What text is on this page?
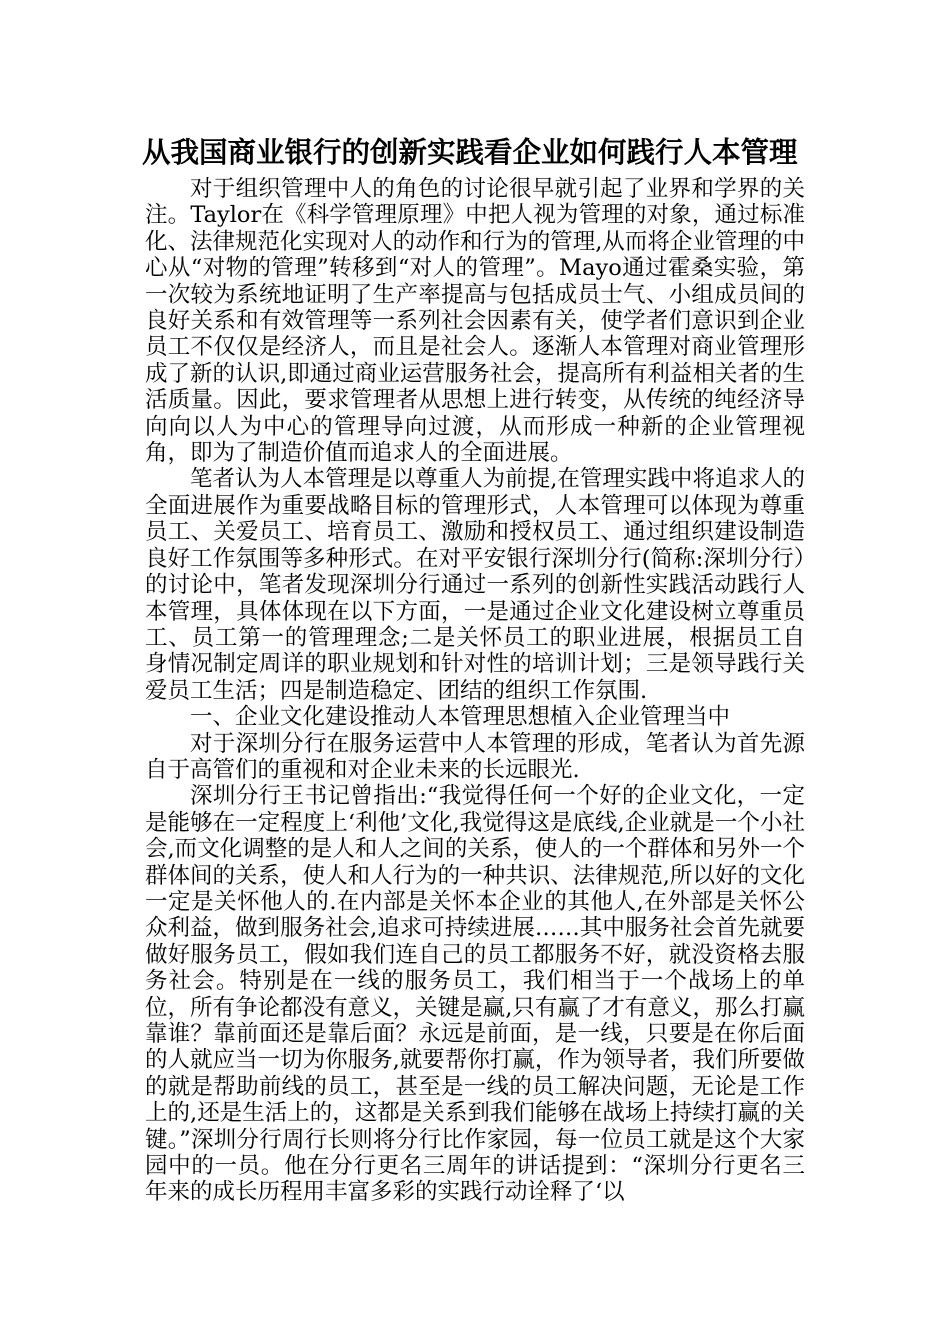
从我国商业银行的创新实践看企业如何践行人本管理

对于组织管理中人的角色的讨论很早就引起了业界和学界的关注。Taylor在《科学管理原理》中把人视为管理的对象，通过标准化、法律规范化实现对人的动作和行为的管理,从而将企业管理的中心从“对物的管理”转移到“对人的管理”。Mayo通过霍桑实验，第一次较为系统地证明了生产率提高与包括成员士气、小组成员间的良好关系和有效管理等一系列社会因素有关，使学者们意识到企业员工不仅仅是经济人，而且是社会人。逐渐人本管理对商业管理形成了新的认识,即通过商业运营服务社会，提高所有利益相关者的生活质量。因此，要求管理者从思想上进行转变，从传统的纯经济导向向以人为中心的管理导向过渡，从而形成一种新的企业管理视角，即为了制造价值而追求人的全面进展。

笔者认为人本管理是以尊重人为前提,在管理实践中将追求人的全面进展作为重要战略目标的管理形式，人本管理可以体现为尊重员工、关爱员工、培育员工、激励和授权员工、通过组织建设制造良好工作氛围等多种形式。在对平安银行深圳分行(简称:深圳分行）的讨论中，笔者发现深圳分行通过一系列的创新性实践活动践行人本管理，具体体现在以下方面，一是通过企业文化建设树立尊重员工、员工第一的管理理念;二是关怀员工的职业进展，根据员工自身情况制定周详的职业规划和针对性的培训计划；三是领导践行关爱员工生活；四是制造稳定、团结的组织工作氛围.

一、企业文化建设推动人本管理思想植入企业管理当中

对于深圳分行在服务运营中人本管理的形成，笔者认为首先源自于高管们的重视和对企业未来的长远眼光.

深圳分行王书记曾指出:“我觉得任何一个好的企业文化，一定是能够在一定程度上‘利他’文化,我觉得这是底线,企业就是一个小社会,而文化调整的是人和人之间的关系，使人的一个群体和另外一个群体间的关系，使人和人行为的一种共识、法律规范,所以好的文化一定是关怀他人的.在内部是关怀本企业的其他人,在外部是关怀公众利益，做到服务社会,追求可持续进展……其中服务社会首先就要做好服务员工，假如我们连自己的员工都服务不好，就没资格去服务社会。特别是在一线的服务员工，我们相当于一个战场上的单位，所有争论都没有意义，关键是赢,只有赢了才有意义，那么打赢靠谁？靠前面还是靠后面？永远是前面，是一线，只要是在你后面的人就应当一切为你服务,就要帮你打赢，作为领导者，我们所要做的就是帮助前线的员工，甚至是一线的员工解决问题，无论是工作上的,还是生活上的，这都是关系到我们能够在战场上持续打赢的关键。”深圳分行周行长则将分行比作家园，每一位员工就是这个大家园中的一员。他在分行更名三周年的讲话提到：“深圳分行更名三年来的成长历程用丰富多彩的实践行动诠释了‘以
